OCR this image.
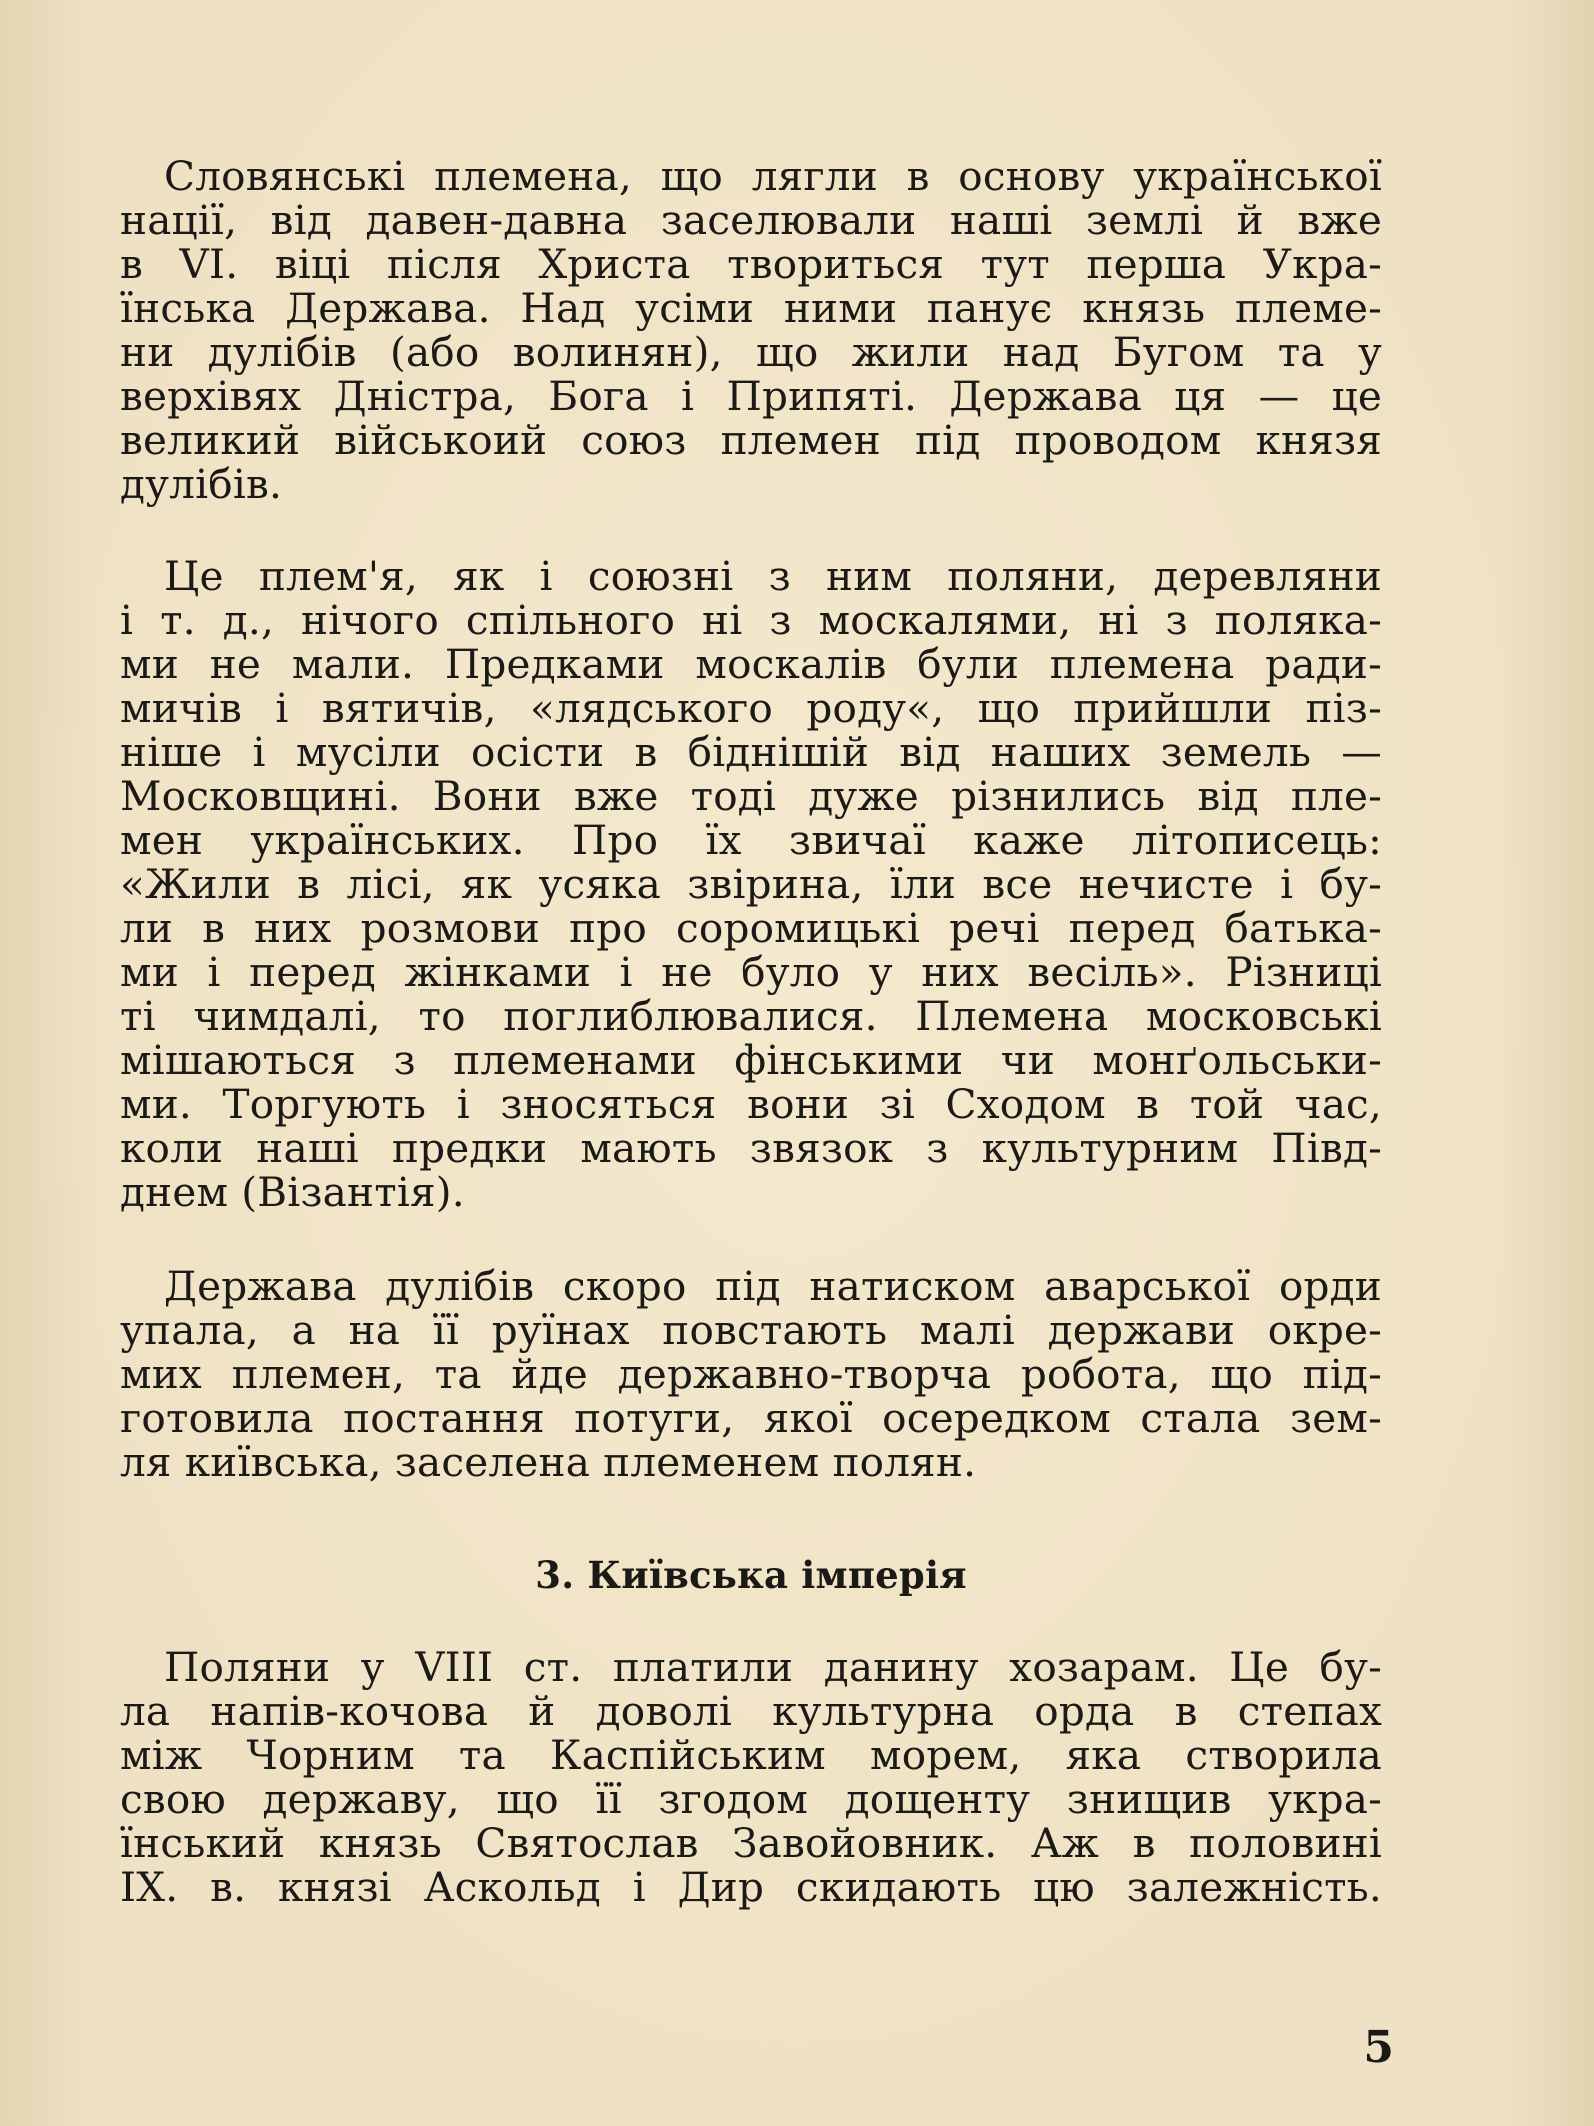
Словянські племена, що лягли в основу української
нації, від давен-давна заселювали наші землі й вже
в VI. віці після Христа твориться тут перша Укра-
їнська Держава. Над усіми ними панує князь племе-
ни дулібів (або волинян), що жили над Бугом та у
верхівях Дністра, Бога і Припяті. Держава ця — це
великий військоий союз племен під проводом князя
дулібів.
Це плем'я, як і союзні з ним поляни, деревляни
і т. д., нічого спільного ні з москалями, ні з поляка-
ми не мали. Предками москалів були племена ради-
мичів і вятичів, «лядського роду«, що прийшли піз-
ніше і мусіли осісти в біднішій від наших земель —
Московщині. Вони вже тоді дуже різнились від пле-
мен українських. Про їх звичаї каже літописець:
«Жили в лісі, як усяка звірина, їли все нечисте і бу-
ли в них розмови про соромицькі речі перед батька-
ми і перед жінками і не було у них весіль». Різниці
ті чимдалі, то поглиблювалися. Племена московські
мішаються з племенами фінськими чи монґольськи-
ми. Торгують і зносяться вони зі Сходом в той час,
коли наші предки мають звязок з культурним Півд-
днем (Візантія).
Держава дулібів скоро під натиском аварської орди
упала, а на її руїнах повстають малі держави окре-
мих племен, та йде державно-творча робота, що під-
готовила постання потуги, якої осередком стала зем-
ля київська, заселена племенем полян.
3. Київська імперія
Поляни у VIII ст. платили данину хозарам. Це бу-
ла напів-кочова й доволі культурна орда в степах
між Чорним та Каспійським морем, яка створила
свою державу, що її згодом дощенту знищив укра-
їнський князь Святослав Завойовник. Аж в половині
IX. в. князі Аскольд і Дир скидають цю залежність.
5
